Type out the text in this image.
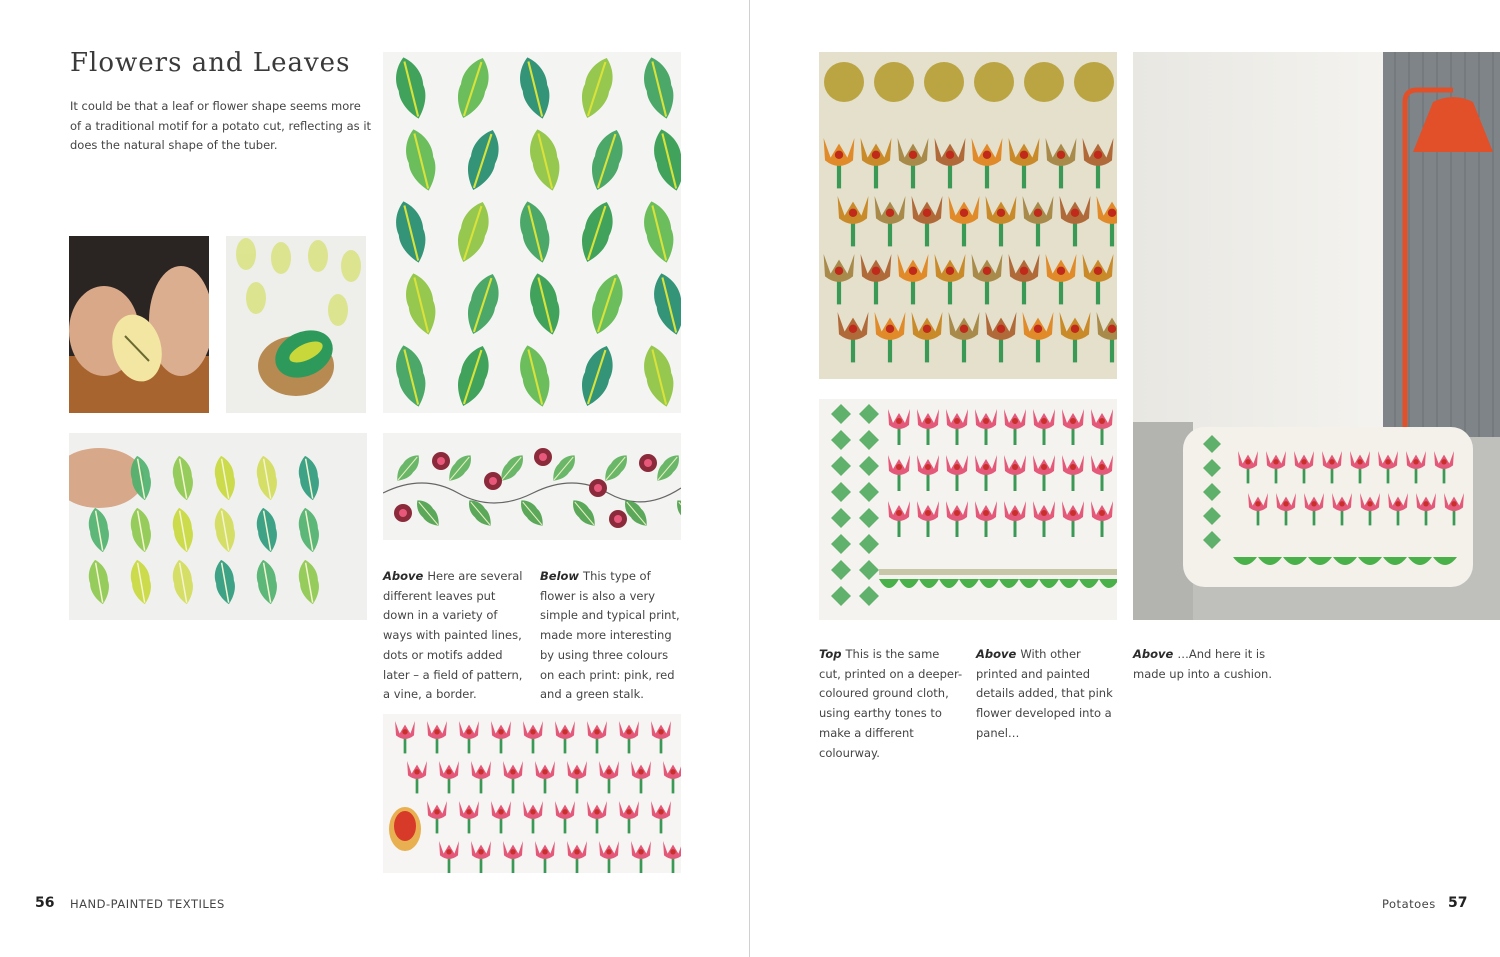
Flowers and Leaves

It could be that a leaf or flower shape seems more of a traditional motif for a potato cut, reflecting as it does the natural shape of the tuber.

Above Here are several different leaves put down in a variety of ways with painted lines, dots or motifs added later – a field of pattern, a vine, a border.

Below This type of flower is also a very simple and typical print, made more interesting by using three colours on each print: pink, red and a green stalk.

56 HAND-PAINTED TEXTILES

Top This is the same cut, printed on a deeper-coloured ground cloth, using earthy tones to make a different colourway.

Above With other printed and painted details added, that pink flower developed into a panel…

Above …And here it is made up into a cushion.

Potatoes 57
